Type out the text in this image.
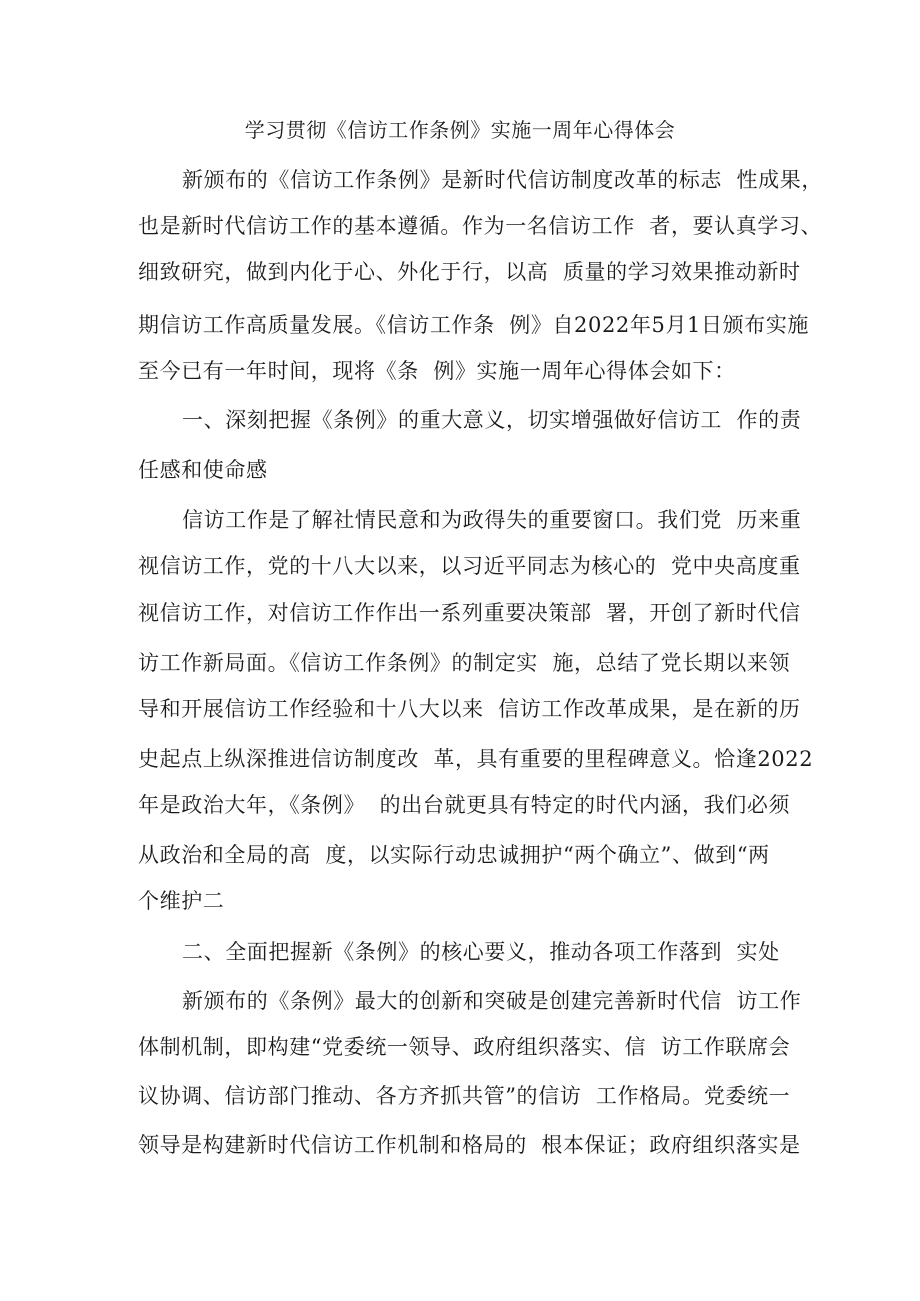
学习贯彻《信访工作条例》实施一周年心得体会
新颁布的《信访工作条例》是新时代信访制度改革的标志  性成果，
也是新时代信访工作的基本遵循。作为一名信访工作  者，要认真学习、
细致研究，做到内化于心、外化于行，以高  质量的学习效果推动新时
期信访工作高质量发展。《信访工作条  例》自2022年5月1日颁布实施
至今已有一年时间，现将《条  例》实施一周年心得体会如下：
一、深刻把握《条例》的重大意义，切实增强做好信访工  作的责
任感和使命感
信访工作是了解社情民意和为政得失的重要窗口。我们党  历来重
视信访工作，党的十八大以来，以习近平同志为核心的  党中央高度重
视信访工作，对信访工作作出一系列重要决策部  署，开创了新时代信
访工作新局面。《信访工作条例》的制定实  施，总结了党长期以来领
导和开展信访工作经验和十八大以来  信访工作改革成果，是在新的历
史起点上纵深推进信访制度改  革，具有重要的里程碑意义。恰逢2022
年是政治大年，《条例》  的出台就更具有特定的时代内涵，我们必须
从政治和全局的高  度，以实际行动忠诚拥护“两个确立”、做到“两
个维护二
二、全面把握新《条例》的核心要义，推动各项工作落到  实处
新颁布的《条例》最大的创新和突破是创建完善新时代信  访工作
体制机制，即构建“党委统一领导、政府组织落实、信  访工作联席会
议协调、信访部门推动、各方齐抓共管”的信访  工作格局。党委统一
领导是构建新时代信访工作机制和格局的  根本保证；政府组织落实是
